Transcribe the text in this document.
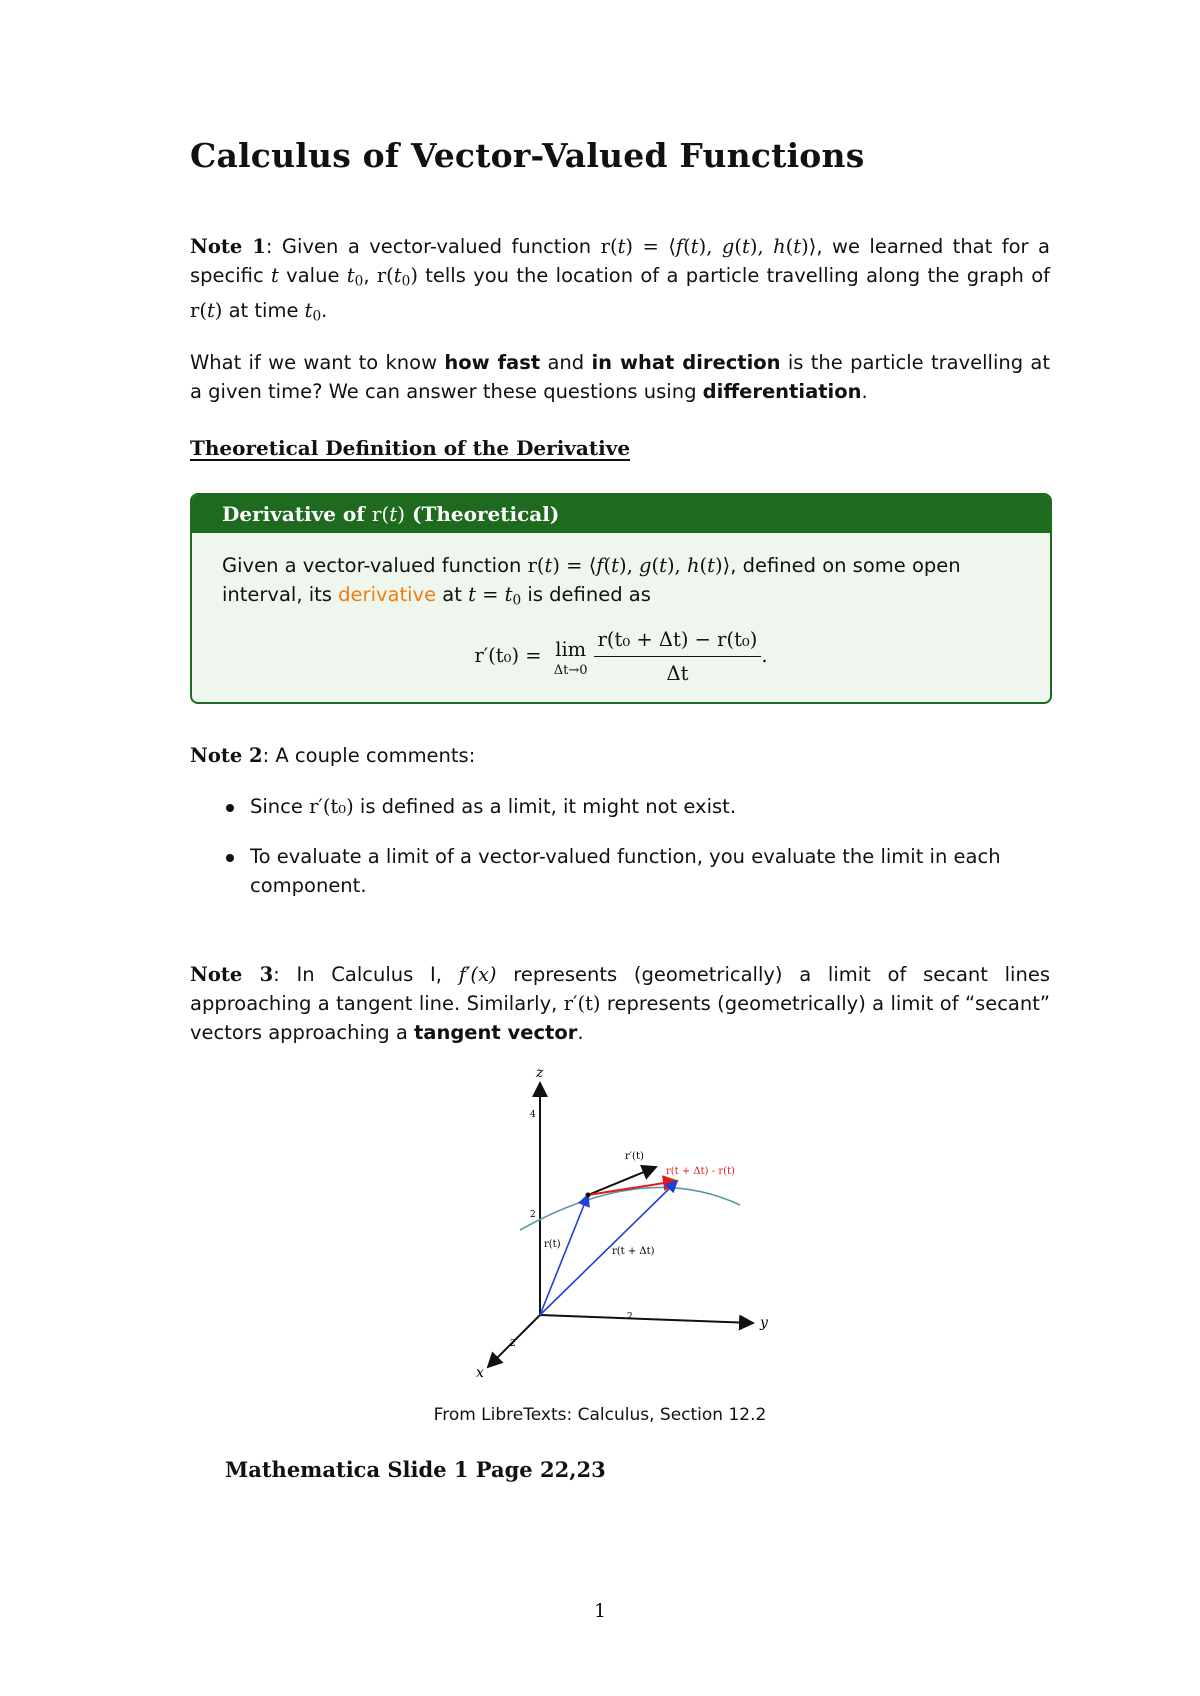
Calculus of Vector-Valued Functions

Note 1: Given a vector-valued function r(t) = ⟨f(t), g(t), h(t)⟩, we learned that for a specific t value $t_0$, $r(t_0)$ tells you the location of a particle travelling along the graph of r(t) at time $t_0$.

What if we want to know how fast and in what direction is the particle travelling at a given time? We can answer these questions using differentiation.

Theoretical Definition of the Derivative
Derivative of r(t) (Theoretical)
Given a vector-valued function r(t) = ⟨f(t), g(t), h(t)⟩, defined on some open interval, its derivative at $t = t_0$ is defined as
r′(t₀) = lim
$\Delta t\to 0 \frac{\text{r(t₀ + Δt) − r(t₀)}}{\Delta t}$ .

Note 2: A couple comments:

Since r′(t₀) is defined as a limit, it might not exist.
To evaluate a limit of a vector-valued function, you evaluate the limit in each component.

Note 3: In Calculus I, f′(x) represents (geometrically) a limit of secant lines approaching a tangent line. Similarly, r′(t) represents (geometrically) a limit of “secant” vectors approaching a tangent vector.

z
y
x
4
2
2
2
r′(t)
r(t + Δt) - r(t)
r(t)
r(t + Δt)
From LibreTexts: Calculus, Section 12.2
Mathematica Slide 1 Page 22,23
1
